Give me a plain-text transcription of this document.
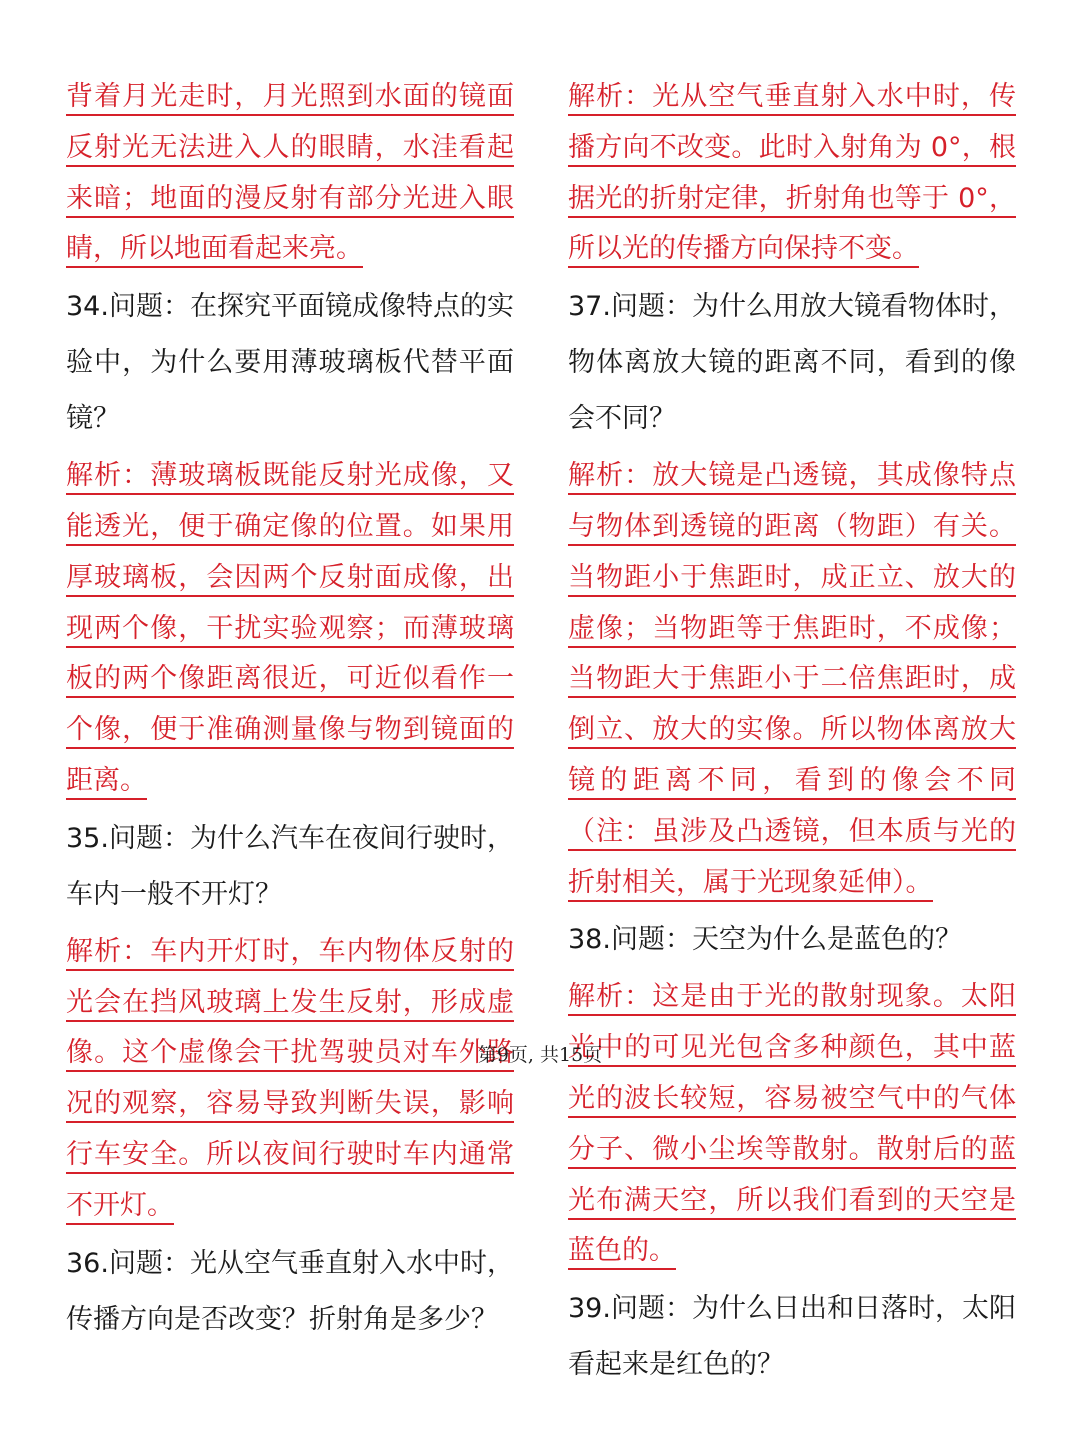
背着月光走时，月光照到水面的镜面反射光无法进入人的眼睛，水洼看起来暗；地面的漫反射有部分光进入眼睛，所以地面看起来亮。

34.问题：在探究平面镜成像特点的实验中，为什么要用薄玻璃板代替平面镜？

解析：薄玻璃板既能反射光成像，又能透光，便于确定像的位置。如果用厚玻璃板，会因两个反射面成像，出现两个像，干扰实验观察；而薄玻璃板的两个像距离很近，可近似看作一个像，便于准确测量像与物到镜面的距离。

35.问题：为什么汽车在夜间行驶时，车内一般不开灯？

解析：车内开灯时，车内物体反射的光会在挡风玻璃上发生反射，形成虚像。这个虚像会干扰驾驶员对车外路况的观察，容易导致判断失误，影响行车安全。所以夜间行驶时车内通常不开灯。

36.问题：光从空气垂直射入水中时，传播方向是否改变？折射角是多少？

解析：光从空气垂直射入水中时，传播方向不改变。此时入射角为 0°，根据光的折射定律，折射角也等于 0°，所以光的传播方向保持不变。

37.问题：为什么用放大镜看物体时，物体离放大镜的距离不同，看到的像会不同？

解析：放大镜是凸透镜，其成像特点与物体到透镜的距离（物距）有关。当物距小于焦距时，成正立、放大的虚像；当物距等于焦距时，不成像；当物距大于焦距小于二倍焦距时，成倒立、放大的实像。所以物体离放大镜的距离不同，看到的像会不同（注：虽涉及凸透镜，但本质与光的折射相关，属于光现象延伸）。

38.问题：天空为什么是蓝色的？

解析：这是由于光的散射现象。太阳光中的可见光包含多种颜色，其中蓝光的波长较短，容易被空气中的气体分子、微小尘埃等散射。散射后的蓝光布满天空，所以我们看到的天空是蓝色的。

39.问题：为什么日出和日落时，太阳看起来是红色的？

第9页, 共15页
